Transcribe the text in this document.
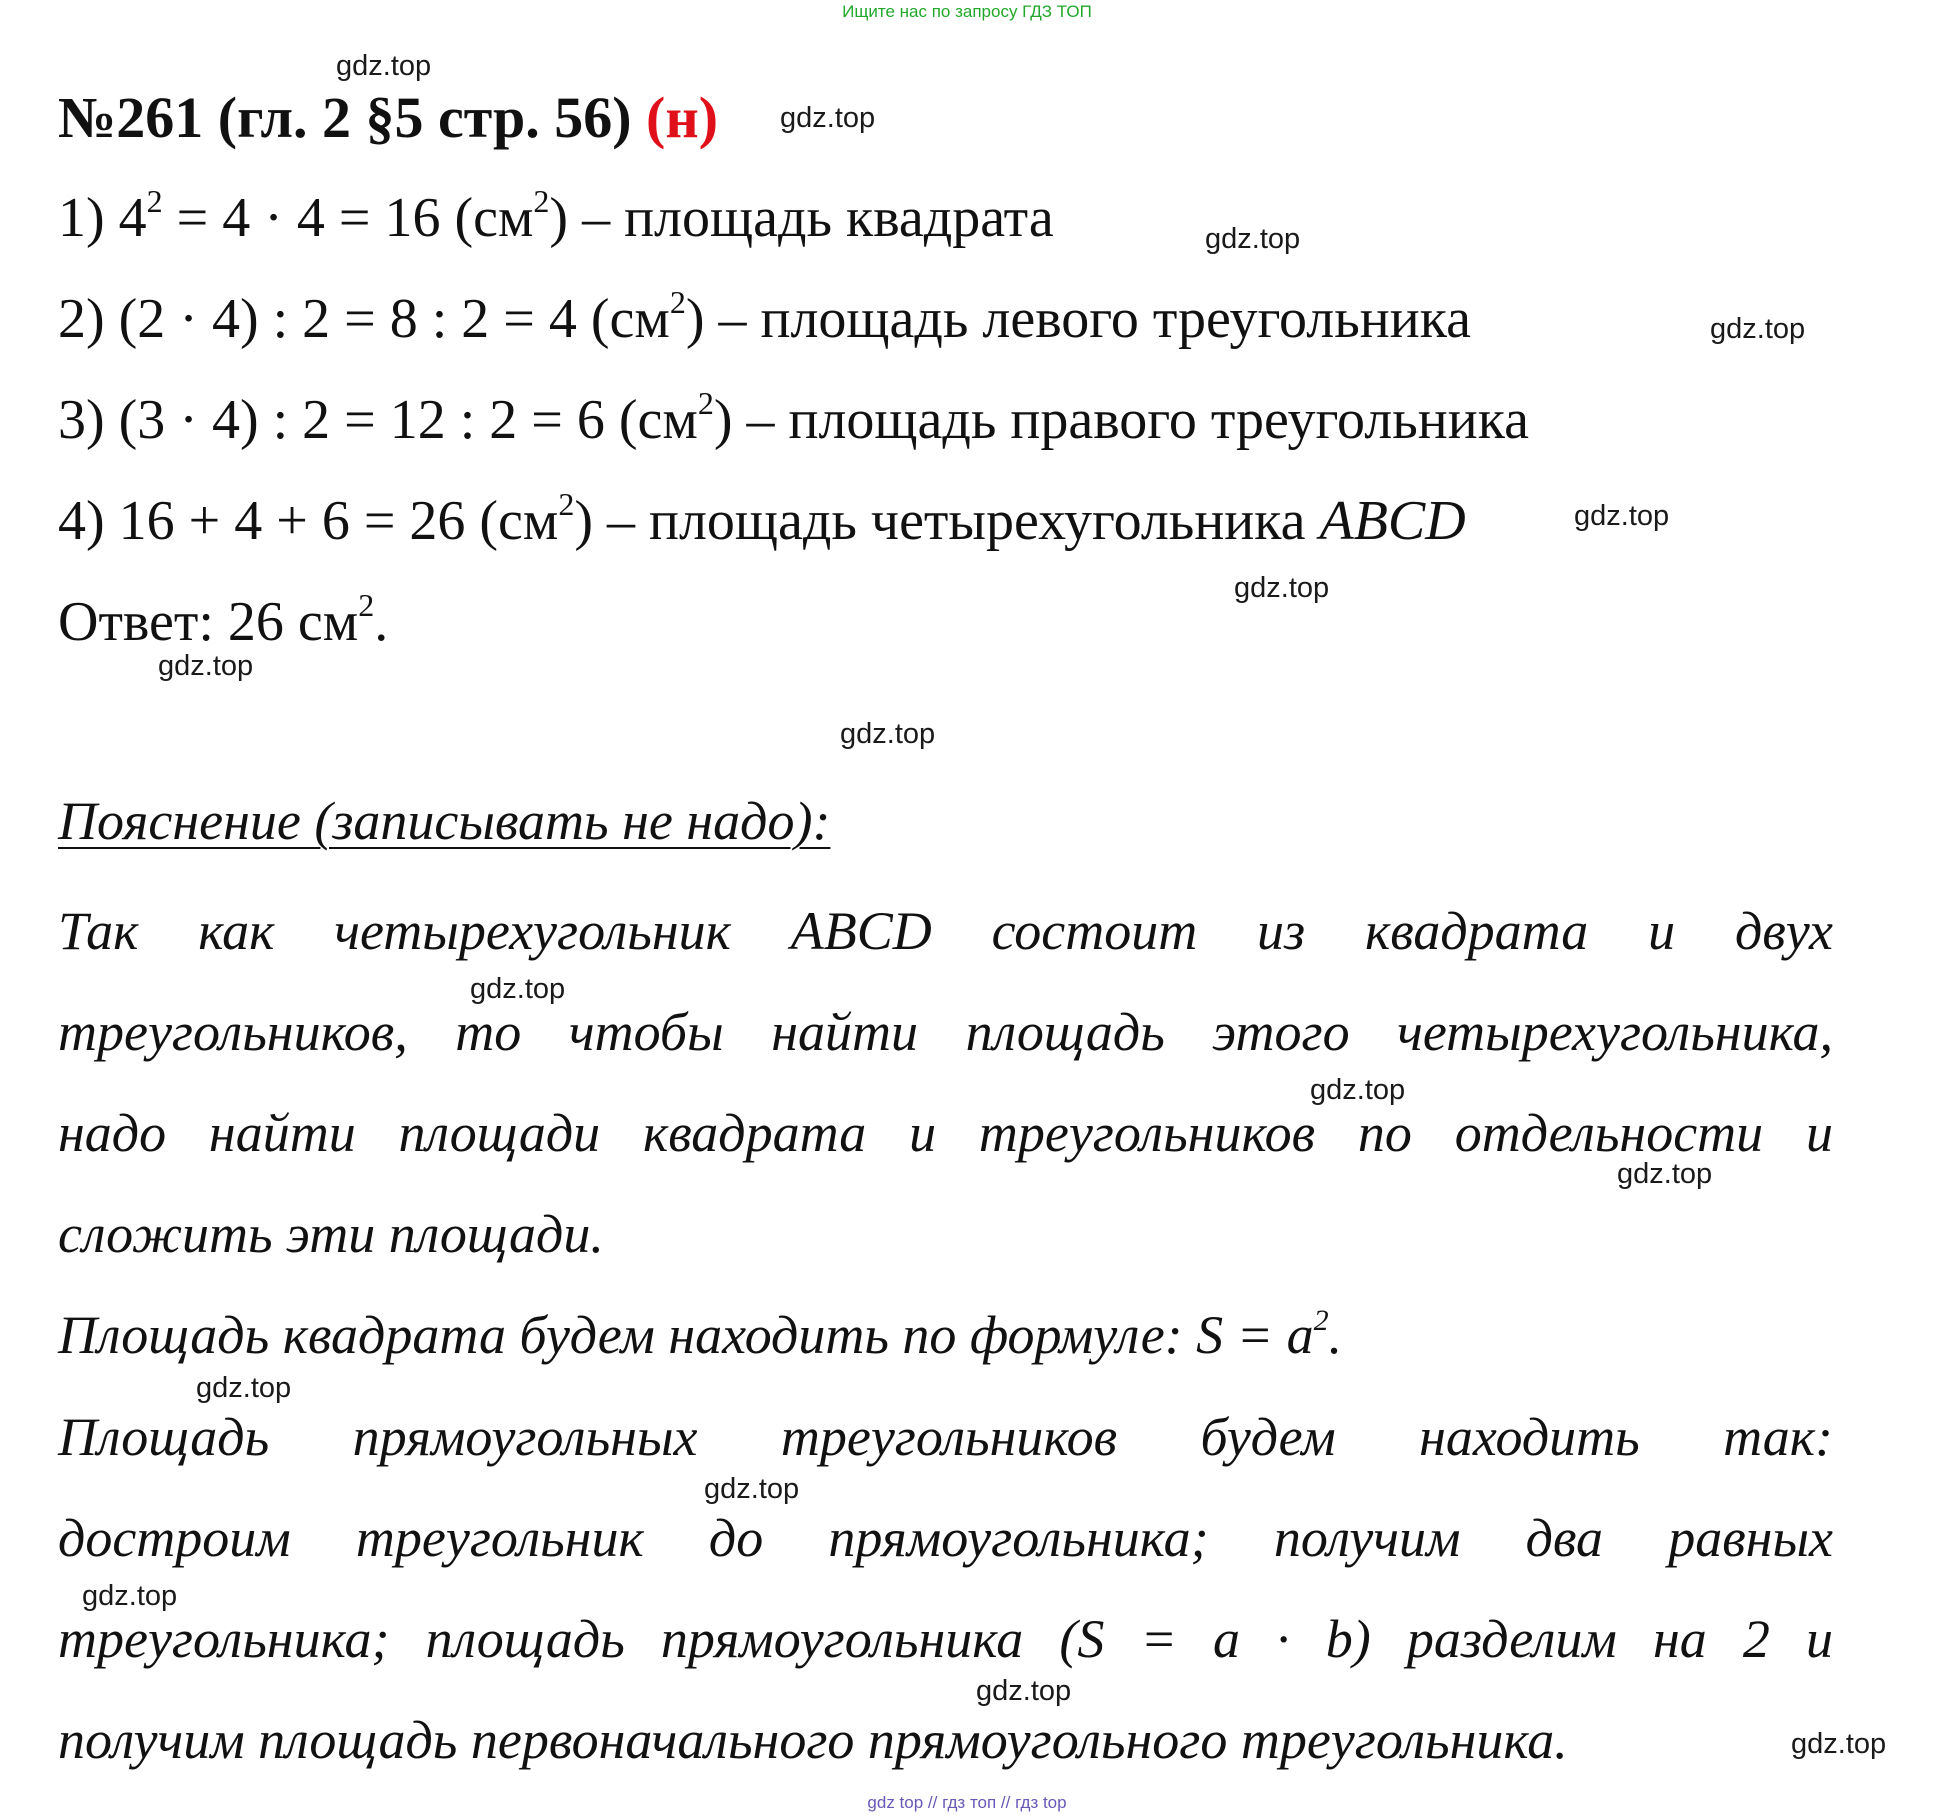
Ищите нас по запросу ГДЗ ТОП
№261 (гл. 2 §5 стр. 56) (н)
1) $4^2 = 4 \cdot 4 = 16$ $(см^2)$ – площадь квадрата
2) (2 · 4) : 2 = 8 : 2 = 4 $(см^2)$ – площадь левого треугольника
3) (3 · 4) : 2 = 12 : 2 = 6 $(см^2)$ – площадь правого треугольника
4) 16 + 4 + 6 = 26 $(см^2)$ – площадь четырехугольника ABCD
Ответ: 26 $см^2$.
Пояснение (записывать не надо):
Так как четырехугольник ABCD состоит из квадрата и двух
треугольников, то чтобы найти площадь этого четырехугольника,
надо найти площади квадрата и треугольников по отдельности и
сложить эти площади.
Площадь квадрата будем находить по формуле: $S = a^2$.
Площадь прямоугольных треугольников будем находить так:
достроим треугольник до прямоугольника; получим два равных
треугольника; площадь прямоугольника (S = a · b) разделим на 2 и
получим площадь первоначального прямоугольного треугольника.
gdz.top
gdz.top
gdz.top
gdz.top
gdz.top
gdz.top
gdz.top
gdz.top
gdz.top
gdz.top
gdz.top
gdz.top
gdz.top
gdz.top
gdz.top
gdz.top
gdz top // гдз топ // гдз top
